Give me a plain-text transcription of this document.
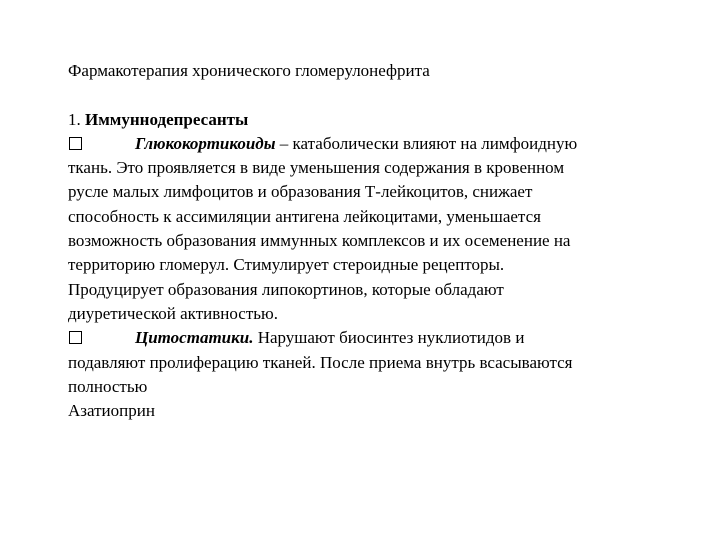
Фармакотерапия хронического гломерулонефрита
1. Иммуннодепресанты
Глюкокортикоиды – катаболически влияют на лимфоидную
ткань. Это проявляется в виде уменьшения содержания в кровенном
русле малых лимфоцитов и образования Т-лейкоцитов, снижает
способность к ассимиляции антигена лейкоцитами, уменьшается
возможность образования иммунных комплексов и их осеменение на
территорию гломерул. Стимулирует стероидные рецепторы.
Продуцирует образования липокортинов, которые обладают
диуретической активностью.
Цитостатики. Нарушают биосинтез нуклиотидов и
подавляют пролиферацию тканей. После приема внутрь всасываются
полностью
Азатиоприн
